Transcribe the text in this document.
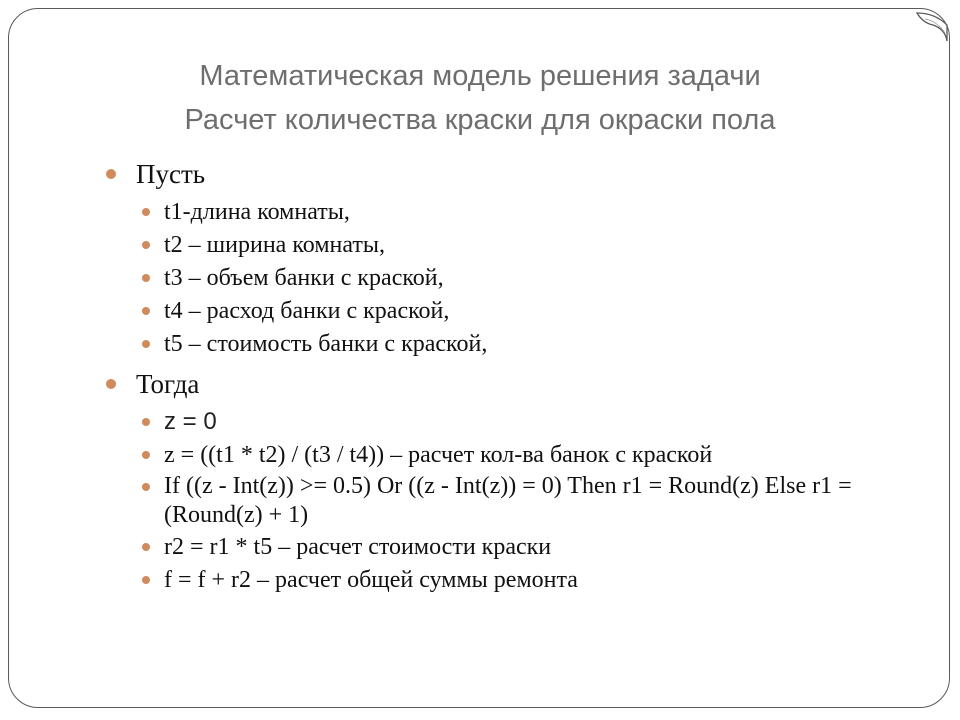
Математическая модель решения задачи
Расчет количества краски для окраски пола
Пусть
t1-длина комнаты,
t2 – ширина комнаты,
t3 – объем банки с краской,
t4 – расход банки с краской,
t5 – стоимость банки с краской,
Тогда
z = 0
z = ((t1 * t2) / (t3 / t4)) – расчет кол-ва банок с краской
If ((z - Int(z)) >= 0.5) Or ((z - Int(z)) = 0) Then r1 = Round(z) Else r1 = (Round(z) + 1)
r2 = r1 * t5 – расчет стоимости краски
f = f + r2 – расчет общей суммы ремонта
